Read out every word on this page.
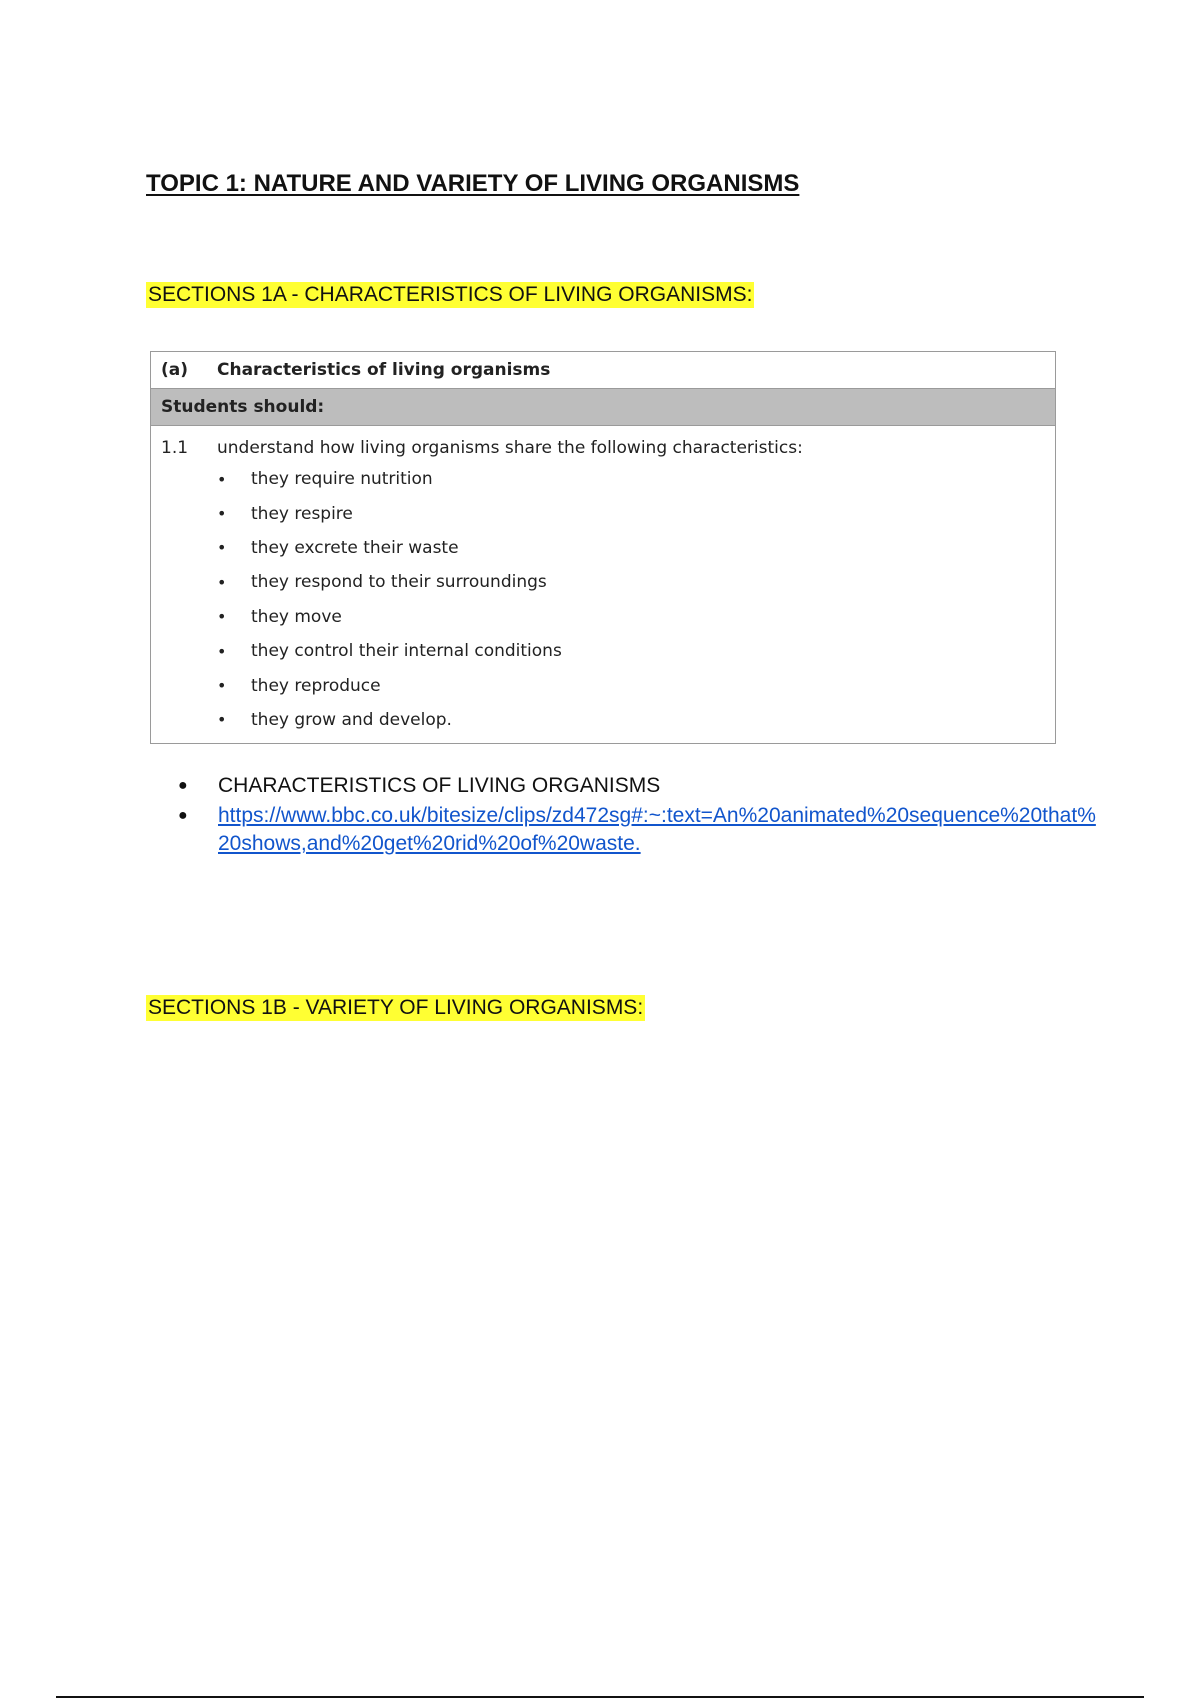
TOPIC 1: NATURE AND VARIETY OF LIVING ORGANISMS
SECTIONS 1A - CHARACTERISTICS OF LIVING ORGANISMS:
(a)	Characteristics of living organisms
Students should:
1.1	understand how living organisms share the following characteristics:
•	they require nutrition
•	they respire
•	they excrete their waste
•	they respond to their surroundings
•	they move
•	they control their internal conditions
•	they reproduce
•	they grow and develop.
●	CHARACTERISTICS OF LIVING ORGANISMS
●	https://www.bbc.co.uk/bitesize/clips/zd472sg#:~:text=An%20animated%20sequence%20that%20shows,and%20get%20rid%20of%20waste.
SECTIONS 1B - VARIETY OF LIVING ORGANISMS:
